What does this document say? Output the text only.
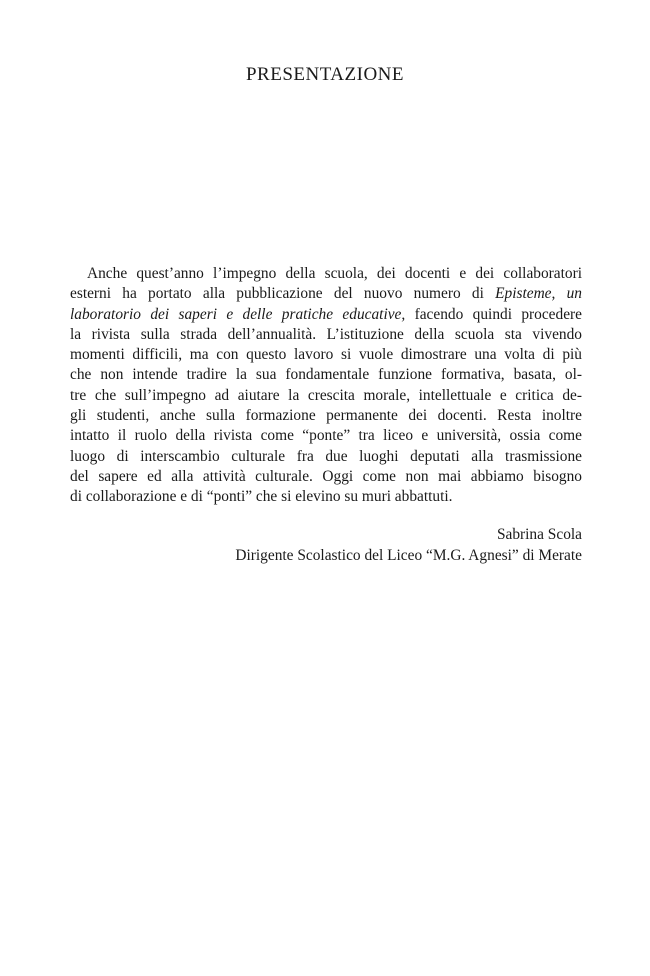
PRESENTAZIONE
Anche quest’anno l’impegno della scuola, dei docenti e dei collaboratori
esterni ha portato alla pubblicazione del nuovo numero di Episteme, un
laboratorio dei saperi e delle pratiche educative, facendo quindi procedere
la rivista sulla strada dell’annualità. L’istituzione della scuola sta vivendo
momenti difficili, ma con questo lavoro si vuole dimostrare una volta di più
che non intende tradire la sua fondamentale funzione formativa, basata, ol-
tre che sull’impegno ad aiutare la crescita morale, intellettuale e critica de-
gli studenti, anche sulla formazione permanente dei docenti. Resta inoltre
intatto il ruolo della rivista come “ponte” tra liceo e università, ossia come
luogo di interscambio culturale fra due luoghi deputati alla trasmissione
del sapere ed alla attività culturale. Oggi come non mai abbiamo bisogno
di collaborazione e di “ponti” che si elevino su muri abbattuti.
Sabrina Scola
Dirigente Scolastico del Liceo “M.G. Agnesi” di Merate
